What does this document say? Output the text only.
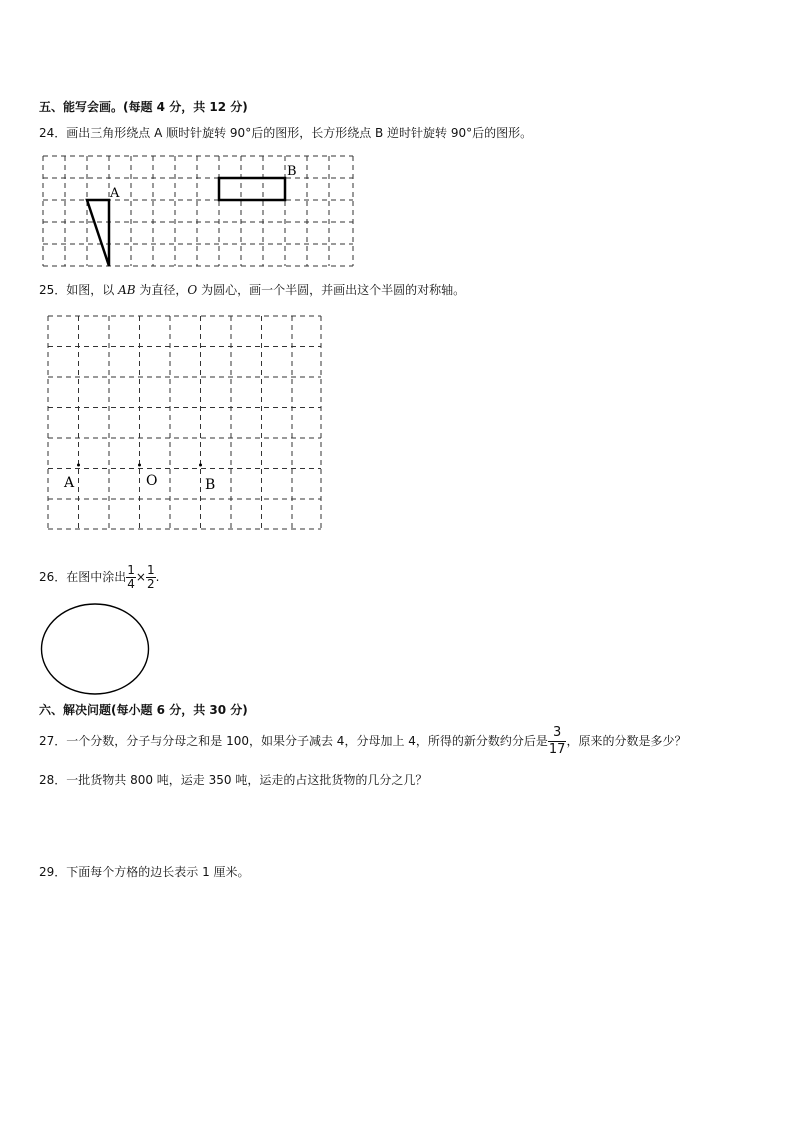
五、能写会画。(每题 4 分，共 12 分)
24．画出三角形绕点 A 顺时针旋转 90°后的图形，长方形绕点 B 逆时针旋转 90°后的图形。
A
B
25．如图，以 AB 为直径，O 为圆心，画一个半圆，并画出这个半圆的对称轴。
A	O	B
26．在图中涂出 $\frac{1}{4} \times \frac{1}{2}$ .
六、解决问题(每小题 6 分，共 30 分)
27．一个分数，分子与分母之和是 100，如果分子减去 4，分母加上 4，所得的新分数约分后是 $\frac{3}{17}$ ，原来的分数是多少？
28．一批货物共 800 吨，运走 350 吨，运走的占这批货物的几分之几？
29．下面每个方格的边长表示 1 厘米。
